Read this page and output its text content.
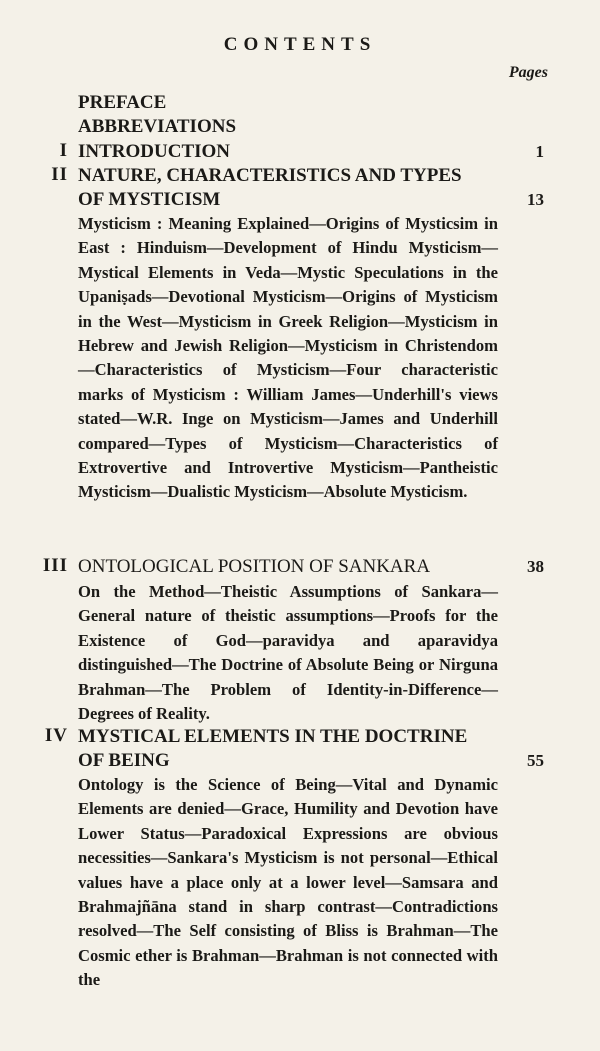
CONTENTS
Pages
PREFACE
ABBREVIATIONS
I INTRODUCTION	1
II NATURE, CHARACTERISTICS AND TYPES OF MYSTICISM	13
Mysticism : Meaning Explained—Origins of Mysticsim in East : Hinduism—Development of Hindu Mysticism—Mystical Elements in Veda—Mystic Speculations in the Upaniṣads—Devotional Mysticism—Origins of Mysticism in the West—Mysticism in Greek Religion—Mysticism in Hebrew and Jewish Religion—Mysticism in Christendom—Characteristics of Mysticism—Four characteristic marks of Mysticism : William James—Underhill's views stated—W.R. Inge on Mysticism—James and Underhill compared—Types of Mysticism—Characteristics of Extrovertive and Introvertive Mysticism—Pantheistic Mysticism—Dualistic Mysticism—Absolute Mysticism.
III ONTOLOGICAL POSITION OF SANKARA	38
On the Method—Theistic Assumptions of Sankara—General nature of theistic assumptions—Proofs for the Existence of God—paravidya and aparavidya distinguished—The Doctrine of Absolute Being or Nirguna Brahman—The Problem of Identity-in-Difference—Degrees of Reality.
IV MYSTICAL ELEMENTS IN THE DOCTRINE OF BEING	55
Ontology is the Science of Being—Vital and Dynamic Elements are denied—Grace, Humility and Devotion have Lower Status—Paradoxical Expressions are obvious necessities—Sankara's Mysticism is not personal—Ethical values have a place only at a lower level—Samsara and Brahmajñāna stand in sharp contrast—Contradictions resolved—The Self consisting of Bliss is Brahman—The Cosmic ether is Brahman—Brahman is not connected with the
